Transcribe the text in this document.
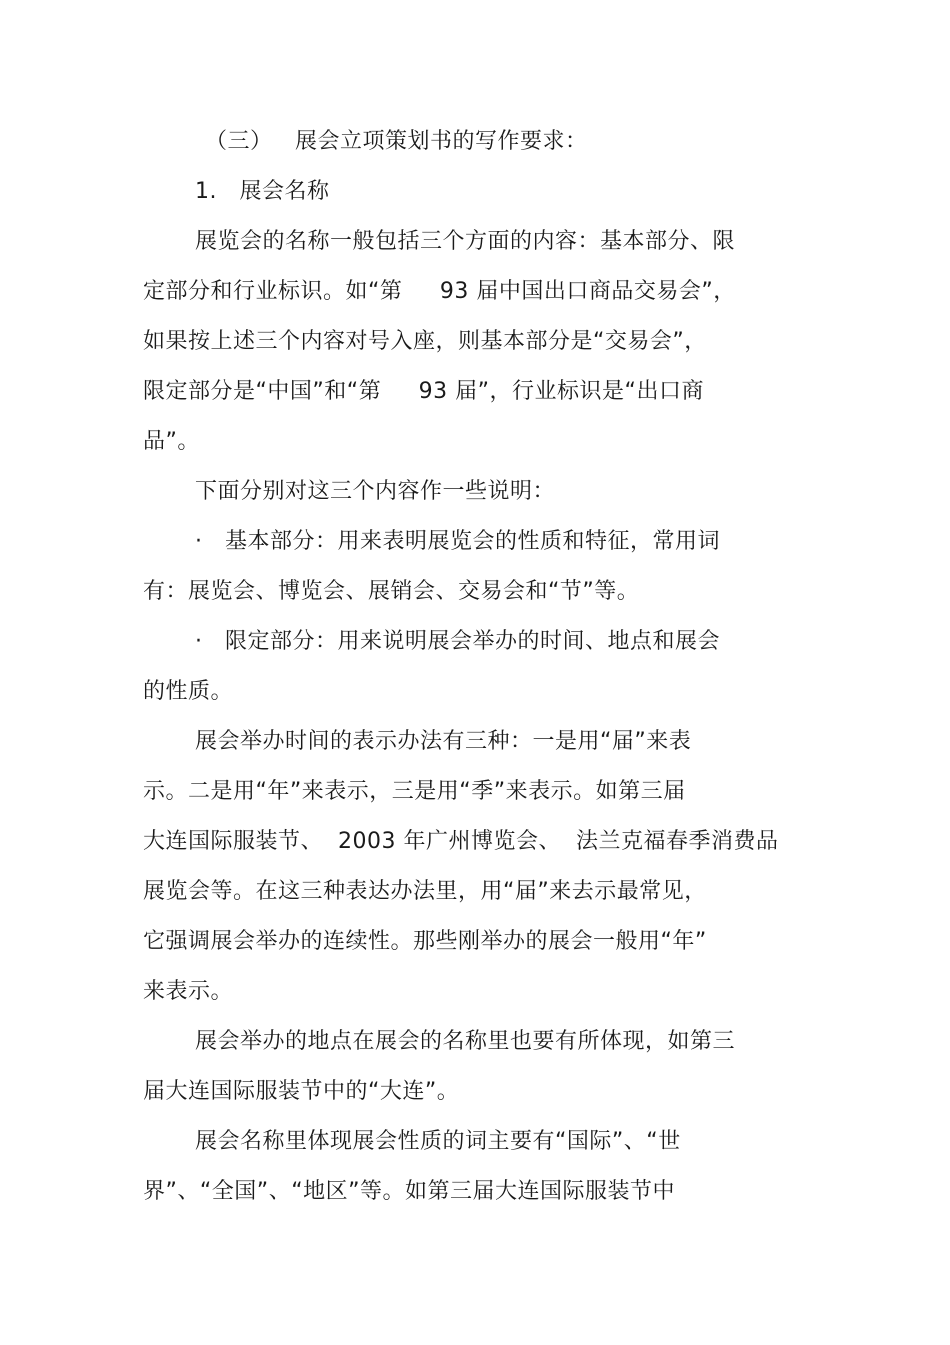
（三）   展会立项策划书的写作要求：
1.   展会名称
展览会的名称一般包括三个方面的内容：基本部分、限
定部分和行业标识。如“第     93 届中国出口商品交易会”，
如果按上述三个内容对号入座，则基本部分是“交易会”，
限定部分是“中国”和“第     93 届”，行业标识是“出口商
品”。
下面分别对这三个内容作一些说明：
·   基本部分：用来表明展览会的性质和特征，常用词
有：展览会、博览会、展销会、交易会和“节”等。
·   限定部分：用来说明展会举办的时间、地点和展会
的性质。
展会举办时间的表示办法有三种：一是用“届”来表
示。二是用“年”来表示，三是用“季”来表示。如第三届
大连国际服装节、  2003 年广州博览会、  法兰克福春季消费品
展览会等。在这三种表达办法里，用“届”来去示最常见，
它强调展会举办的连续性。那些刚举办的展会一般用“年”
来表示。
展会举办的地点在展会的名称里也要有所体现，如第三
届大连国际服装节中的“大连”。
展会名称里体现展会性质的词主要有“国际”、“世
界”、“全国”、“地区”等。如第三届大连国际服装节中
